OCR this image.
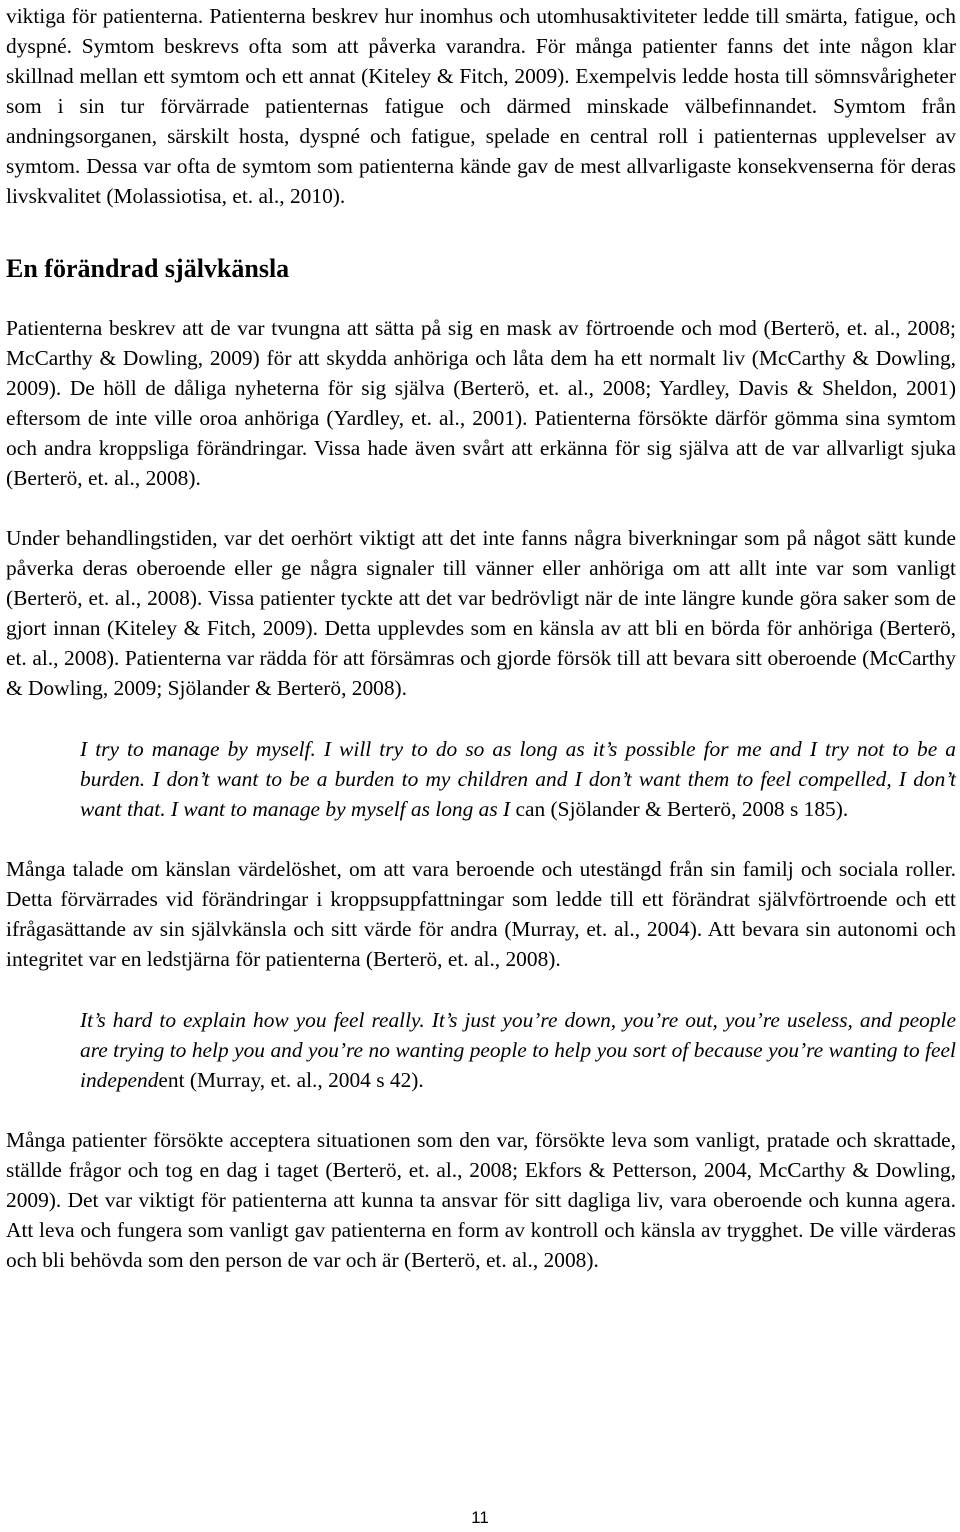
viktiga för patienterna. Patienterna beskrev hur inomhus och utomhusaktiviteter ledde till smärta, fatigue, och dyspné. Symtom beskrevs ofta som att påverka varandra. För många patienter fanns det inte någon klar skillnad mellan ett symtom och ett annat (Kiteley & Fitch, 2009). Exempelvis ledde hosta till sömnsvårigheter som i sin tur förvärrade patienternas fatigue och därmed minskade välbefinnandet. Symtom från andningsorganen, särskilt hosta, dyspné och fatigue, spelade en central roll i patienternas upplevelser av symtom. Dessa var ofta de symtom som patienterna kände gav de mest allvarligaste konsekvenserna för deras livskvalitet (Molassiotisa, et. al., 2010).

En förändrad självkänsla

Patienterna beskrev att de var tvungna att sätta på sig en mask av förtroende och mod (Berterö, et. al., 2008; McCarthy & Dowling, 2009) för att skydda anhöriga och låta dem ha ett normalt liv (McCarthy & Dowling, 2009). De höll de dåliga nyheterna för sig själva (Berterö, et. al., 2008; Yardley, Davis & Sheldon, 2001) eftersom de inte ville oroa anhöriga (Yardley, et. al., 2001). Patienterna försökte därför gömma sina symtom och andra kroppsliga förändringar. Vissa hade även svårt att erkänna för sig själva att de var allvarligt sjuka (Berterö, et. al., 2008).

Under behandlingstiden, var det oerhört viktigt att det inte fanns några biverkningar som på något sätt kunde påverka deras oberoende eller ge några signaler till vänner eller anhöriga om att allt inte var som vanligt (Berterö, et. al., 2008). Vissa patienter tyckte att det var bedrövligt när de inte längre kunde göra saker som de gjort innan (Kiteley & Fitch, 2009). Detta upplevdes som en känsla av att bli en börda för anhöriga (Berterö, et. al., 2008). Patienterna var rädda för att försämras och gjorde försök till att bevara sitt oberoende (McCarthy & Dowling, 2009; Sjölander & Berterö, 2008).

I try to manage by myself. I will try to do so as long as it’s possible for me and I try not to be a burden. I don’t want to be a burden to my children and I don’t want them to feel compelled, I don’t want that. I want to manage by myself as long as I can (Sjölander & Berterö, 2008 s 185).

Många talade om känslan värdelöshet, om att vara beroende och utestängd från sin familj och sociala roller. Detta förvärrades vid förändringar i kroppsuppfattningar som ledde till ett förändrat självförtroende och ett ifrågasättande av sin självkänsla och sitt värde för andra (Murray, et. al., 2004). Att bevara sin autonomi och integritet var en ledstjärna för patienterna (Berterö, et. al., 2008).

It’s hard to explain how you feel really. It’s just you’re down, you’re out, you’re useless, and people are trying to help you and you’re no wanting people to help you sort of because you’re wanting to feel independent (Murray, et. al., 2004 s 42).

Många patienter försökte acceptera situationen som den var, försökte leva som vanligt, pratade och skrattade, ställde frågor och tog en dag i taget (Berterö, et. al., 2008; Ekfors & Petterson, 2004, McCarthy & Dowling, 2009). Det var viktigt för patienterna att kunna ta ansvar för sitt dagliga liv, vara oberoende och kunna agera. Att leva och fungera som vanligt gav patienterna en form av kontroll och känsla av trygghet. De ville värderas och bli behövda som den person de var och är (Berterö, et. al., 2008).

11
